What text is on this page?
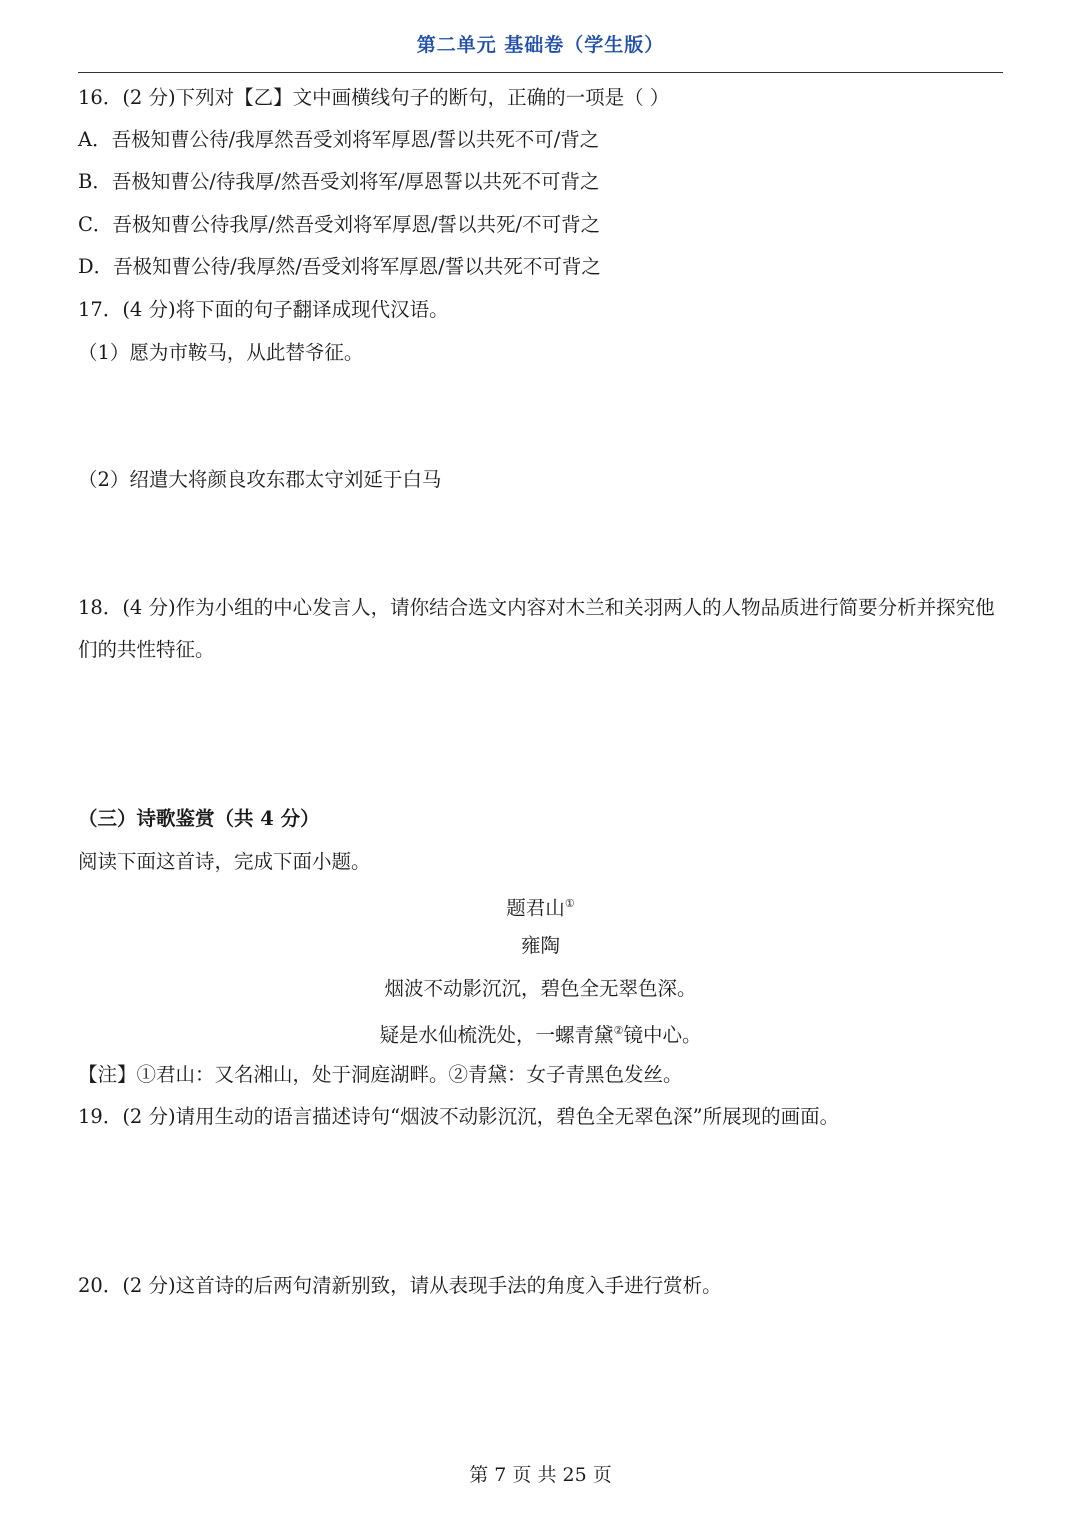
第二单元 基础卷（学生版）
16．(2 分)下列对【乙】文中画横线句子的断句，正确的一项是（ ）
A．吾极知曹公待/我厚然吾受刘将军厚恩/誓以共死不可/背之
B．吾极知曹公/待我厚/然吾受刘将军/厚恩誓以共死不可背之
C．吾极知曹公待我厚/然吾受刘将军厚恩/誓以共死/不可背之
D．吾极知曹公待/我厚然/吾受刘将军厚恩/誓以共死不可背之
17．(4 分)将下面的句子翻译成现代汉语。
（1）愿为市鞍马，从此替爷征。
（2）绍遣大将颜良攻东郡太守刘延于白马
18．(4 分)作为小组的中心发言人，请你结合选文内容对木兰和关羽两人的人物品质进行简要分析并探究他们的共性特征。
（三）诗歌鉴赏（共 4 分）
阅读下面这首诗，完成下面小题。
题君山①
雍陶
烟波不动影沉沉，碧色全无翠色深。
疑是水仙梳洗处，一螺青黛②镜中心。
【注】①君山：又名湘山，处于洞庭湖畔。②青黛：女子青黑色发丝。
19．(2 分)请用生动的语言描述诗句“烟波不动影沉沉，碧色全无翠色深”所展现的画面。
20．(2 分)这首诗的后两句清新别致，请从表现手法的角度入手进行赏析。
第 7 页 共 25 页
